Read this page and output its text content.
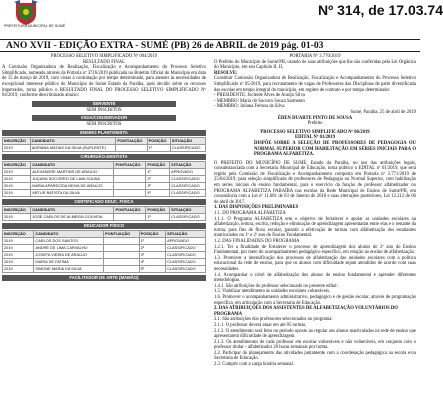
PREFEITURA MUNICIPAL DE SUMÉ
Nº 314, de 17.03.74
ANO XVII - EDIÇÃO EXTRA - SUMÉ (PB) 26 de ABRIL de 2019 pág. 01-03

PROCESSO SELETIVO SIMPLIFICADO Nº 004/2019

RESULTADO FINAL

A Comissão Organizadora de Realização, Fiscalização e Acompanhamento do Processo Seletivo Simplificado, nomeada através da Portaria nº 3716/2019 publicada no Boletim Oficial do Município em data de 15 de março de 2019, com vistas à contratação por tempo determinado, para atender às necessidades de excepcional interesse público do Município de Sumé Estado da Paraíba, após decidir sobre os recursos impetrados, torna público o RESULTADO FINAL DO PROCESSO SELETIVO SIMPLIFICADO Nº 04/2019, conforme descriminado abaixo:

SERVENTE

SEM INSCRITOS

VIGIA/CONSERVADOR

SEM INSCRITOS

ENSINO PLANTONISTA
INSCRIÇÃO	CANDIDATO	PONTUAÇÃO	POSIÇÃO	SITUAÇÃO
2019	ADRIANA MATIAS DA SILVA (SUPLENTE)		1º	CLASSIFICADO
CIRURGIÃO-DENTISTA
INSCRIÇÃO	CANDIDATO	PONTUAÇÃO	POSIÇÃO	SITUAÇÃO
2019	ALEXANDRE MARTINS DE ARAÚJO		1º	APROVADO
2019	JUÇARA SOCORRO DE LIMA SOUSA		2º	CLASSIFICADO
2019	MARIA APARECIDA NEIVA DE ARAÚJO		3º	CLASSIFICADO
2019	ARTUR BATISTA DA SILVA		4º	CLASSIFICADO
CERTIFICADO EDUC. FÍSICA
INSCRIÇÃO	CANDIDATO	PONTUAÇÃO	POSIÇÃO	SITUAÇÃO
2019	JOSÉ CARLOS DE ALMEIDA GOUVEIA		1º	CLASSIFICADO
EDUCADOR FÍSICO
INSCRIÇÃO	CANDIDATO	PONTUAÇÃO	POSIÇÃO	SITUAÇÃO
2019	CARLOS DOS SANTOS		1º	APROVADO
2019	ANDRÉ DE LIMA CARVALHO		2º	CLASSIFICADO
2019	JOSEFA VIEIRA DE ARAÚJO		3º	CLASSIFICADO
2019	MARIA DE FATIMA		4º	CLASSIFICADO
2019	SIMONE MARIA DA SILVA		5º	CLASSIFICADO
FACILITADOR DE ARTE (MAMÃO)

PORTARIA Nº 3.770/2019

O Prefeito do Município de Sumé/PB, usando de suas atribuições que lhe são conferidas pela Lei Orgânica do Município, em seu Capítulo II, II,

RESOLVE:

Constituir Comissão Organizadora de Realização, Fiscalização e Acompanhamento do Processo Seletivo Simplificado nº 05/2019, para recrutamento de vagas de Professores das Disciplinas de parte diversificada das escolas em tempo integral do município, em regime de contrato e por tempo determinado:

- PRESIDENTE: Jucleide Alves de Araújo Silva

- MEMBRO: Maria do Socorro Souza Sarmento

- MEMBRO: Juliana Feitosa da Silva

Sumé, Paraíba, 25 de abril de 2019

ÉDEN DUARTE PINTO DE SOUSA

Prefeito

PROCESSO SELETIVO SIMPLIFICADO Nº 06/2019

EDITAL Nº 01/2019

DISPÕE SOBRE A SELEÇÃO DE PROFESSORES DE PEDAGOGIA OU NORMAL SUPERIOR COM HABILITAÇÃO EM SÉRIES INICIAIS PARA O PROGRAMA ALFABETIZA.

O PREFEITO DO MUNICÍPIO DE SUMÉ, Estado da Paraíba, no uso das atribuições legais, consubstanciada com a Secretaria Municipal de Educação, torna público o EDITAL nº 01/2019, que será regido pela Comissão de Fiscalização e Acompanhamento composta em Portaria nº 3.771/2019 de 25/04/2019, para seleção simplificada de professores de Pedagogia ou Normal Superior, com habilitação em séries iniciais do ensino fundamental, para o exercício da função de professor alfabetizador no PROGRAMA ALFABETIZA PARAÍBA nas escolas da Rede Municipal de Ensino de Sumé/PB, em consonância com a Lei nº 11.681 de 03 de Janeiro de 2018 e suas alterações posteriores, Lei 12.212 de 06 de abril de 2017.

1. DAS DISPOSIÇÕES PRELIMINARES

1.1. DO PROGRAMA ALFABETIZA

1.1.1. O Programa ALFABETIZA tem o objetivo de fortalecer e apoiar as unidades escolares na alfabetização, leitura, escrita, redução e eliminação de aprendizagem apresentadas entre elas e o restante da turma, para fins de fluxo escolar, garantir a efetivação de turmas com alfabetização dos estudantes matriculados no 1º e 2º ano do Ensino Fundamental.

1.2. DAS FINALIDADES DO PROGRAMA

1.2.1. Ter a finalidade de fortalecer o processo de aprendizagem dos alunos do 2º ano do Ensino Fundamental, por meio do acompanhamento pedagógico específico, em relação ao ensino de alfabetização.

1.3. Promover a intensificação dos processos de alfabetização das unidades escolares com a política educacional da rede de ensino, para que os alunos com dificuldade sejam atendidos de acordo com suas necessidades.

1.4. Acompanhar o nível de alfabetização dos alunos do ensino fundamental e aprender diferentes metodologias.

1.4.1. São atribuições do professor selecionado no presente edital:

1.5. Viabilizar atendimento às unidades escolares vulneráveis.

1.6. Promover o acompanhamento administrativo, pedagógico e de gestão escolar, através de programação específica, em articulação com a Secretaria de Educação.

2. DAS ATRIBUIÇÕES DOS ASSISTENTES DE ALFABETIZAÇÃO VOLUNTÁRIOS DO PROGRAMA

2.1. São atribuições dos professores selecionados no programa:

2.1.1. O professor deverá atuar em até 05 turmas.

2.1.2. O atendimento será feito no período oposto ao regular aos alunos matriculados na rede de ensino que apresentarem dificuldade de aprendizagem.

2.1.3. Os atendimentos de cada professor em escolas vulneráveis e não vulneráveis, em conjunto com o professor titular - alfabetizador 20 horas semanais por turma.

2.2. Participar do planejamento das atividades juntamente com a coordenação pedagógica na escola e/ou Secretaria de Educação.

2.3. Cumprir com a carga horária semanal.
